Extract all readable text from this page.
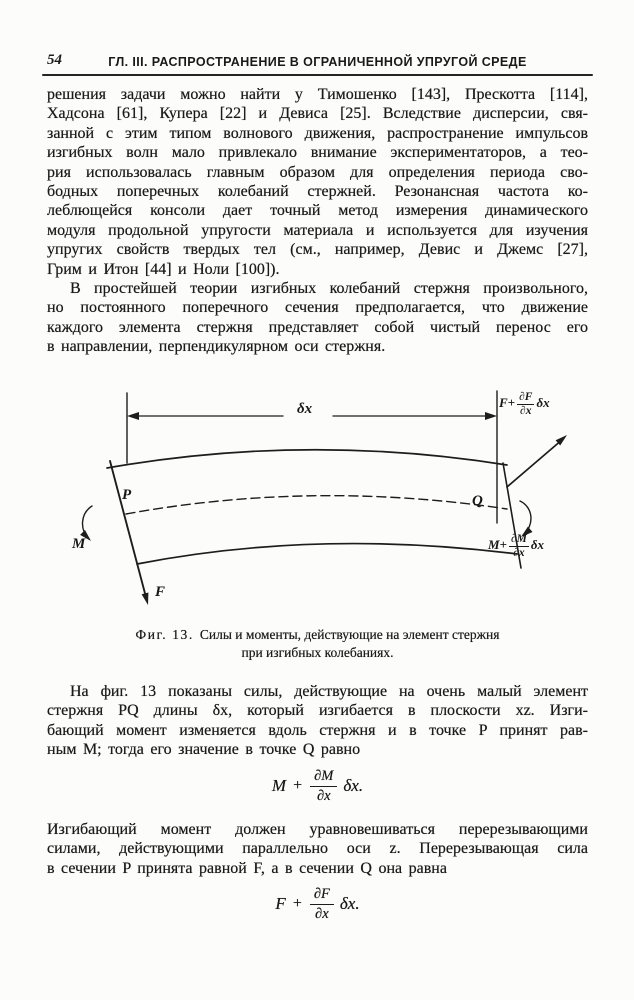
54	ГЛ. III. РАСПРОСТРАНЕНИЕ В ОГРАНИЧЕННОЙ УПРУГОЙ СРЕДЕ
решения задачи можно найти у Тимошенко [143], Прескотта [114],
Хадсона [61], Купера [22] и Девиса [25]. Вследствие дисперсии, свя-
занной с этим типом волнового движения, распространение импульсов
изгибных волн мало привлекало внимание экспериментаторов, а тео-
рия использовалась главным образом для определения периода сво-
бодных поперечных колебаний стержней. Резонансная частота ко-
леблющейся консоли дает точный метод измерения динамического
модуля продольной упругости материала и используется для изучения
упругих свойств твердых тел (см., например, Девис и Джемс [27],
Грим и Итон [44] и Ноли [100]).
В простейшей теории изгибных колебаний стержня произвольного,
но постоянного поперечного сечения предполагается, что движение
каждого элемента стержня представляет собой чистый перенос его
в направлении, перпендикулярном оси стержня.
δx
P	Q
M
F
$F+ \frac{\partial F}{\partial x}$ δx
$M+ \frac{\partial M}{\partial x}$ δx
Фиг. 13. Силы и моменты, действующие на элемент стержня
при изгибных колебаниях.
На фиг. 13 показаны силы, действующие на очень малый элемент
стержня PQ длины δx, который изгибается в плоскости xz. Изги-
бающий момент изменяется вдоль стержня и в точке P принят рав-
ным M; тогда его значение в точке Q равно
$M + \frac{\partial M}{\partial x} \delta x$.
Изгибающий момент должен уравновешиваться перерезывающими
силами, действующими параллельно оси z. Перерезывающая сила
в сечении P принята равной F, а в сечении Q она равна
$F + \frac{\partial F}{\partial x} \delta x$.
